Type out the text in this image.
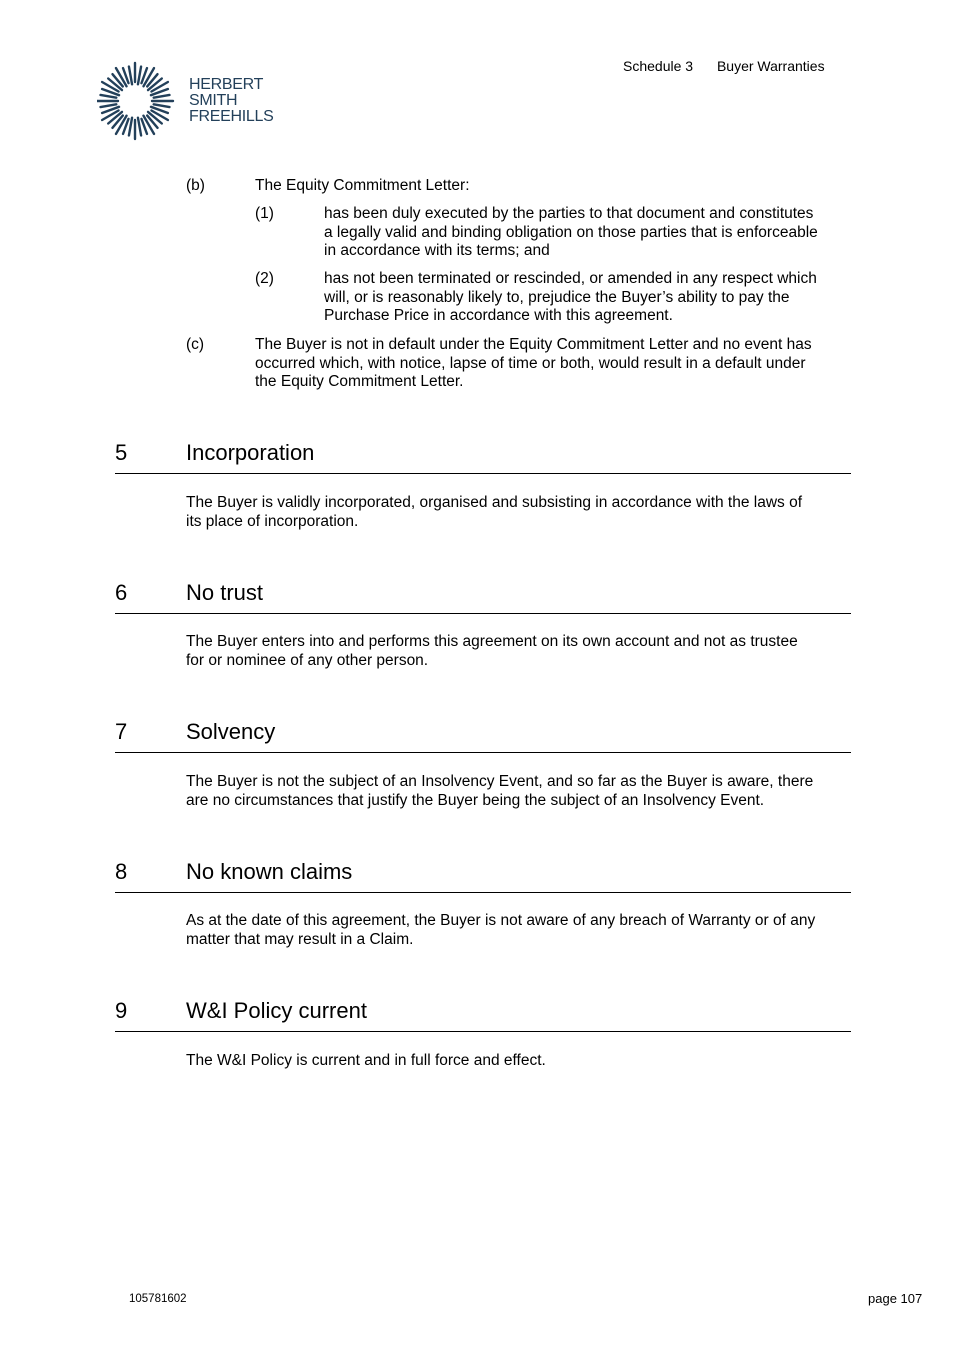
HERBERT
SMITH
FREEHILLS
Schedule 3 Buyer Warranties
(b)	The Equity Commitment Letter:
(1)	has been duly executed by the parties to that document and constitutes
a legally valid and binding obligation on those parties that is enforceable
in accordance with its terms; and
(2)	has not been terminated or rescinded, or amended in any respect which
will, or is reasonably likely to, prejudice the Buyer’s ability to pay the
Purchase Price in accordance with this agreement.
(c)	The Buyer is not in default under the Equity Commitment Letter and no event has
occurred which, with notice, lapse of time or both, would result in a default under
the Equity Commitment Letter.
5	Incorporation
The Buyer is validly incorporated, organised and subsisting in accordance with the laws of
its place of incorporation.
6	No trust
The Buyer enters into and performs this agreement on its own account and not as trustee
for or nominee of any other person.
7	Solvency
The Buyer is not the subject of an Insolvency Event, and so far as the Buyer is aware, there
are no circumstances that justify the Buyer being the subject of an Insolvency Event.
8	No known claims
As at the date of this agreement, the Buyer is not aware of any breach of Warranty or of any
matter that may result in a Claim.
9	W&I Policy current
The W&I Policy is current and in full force and effect.
105781602	page 107
